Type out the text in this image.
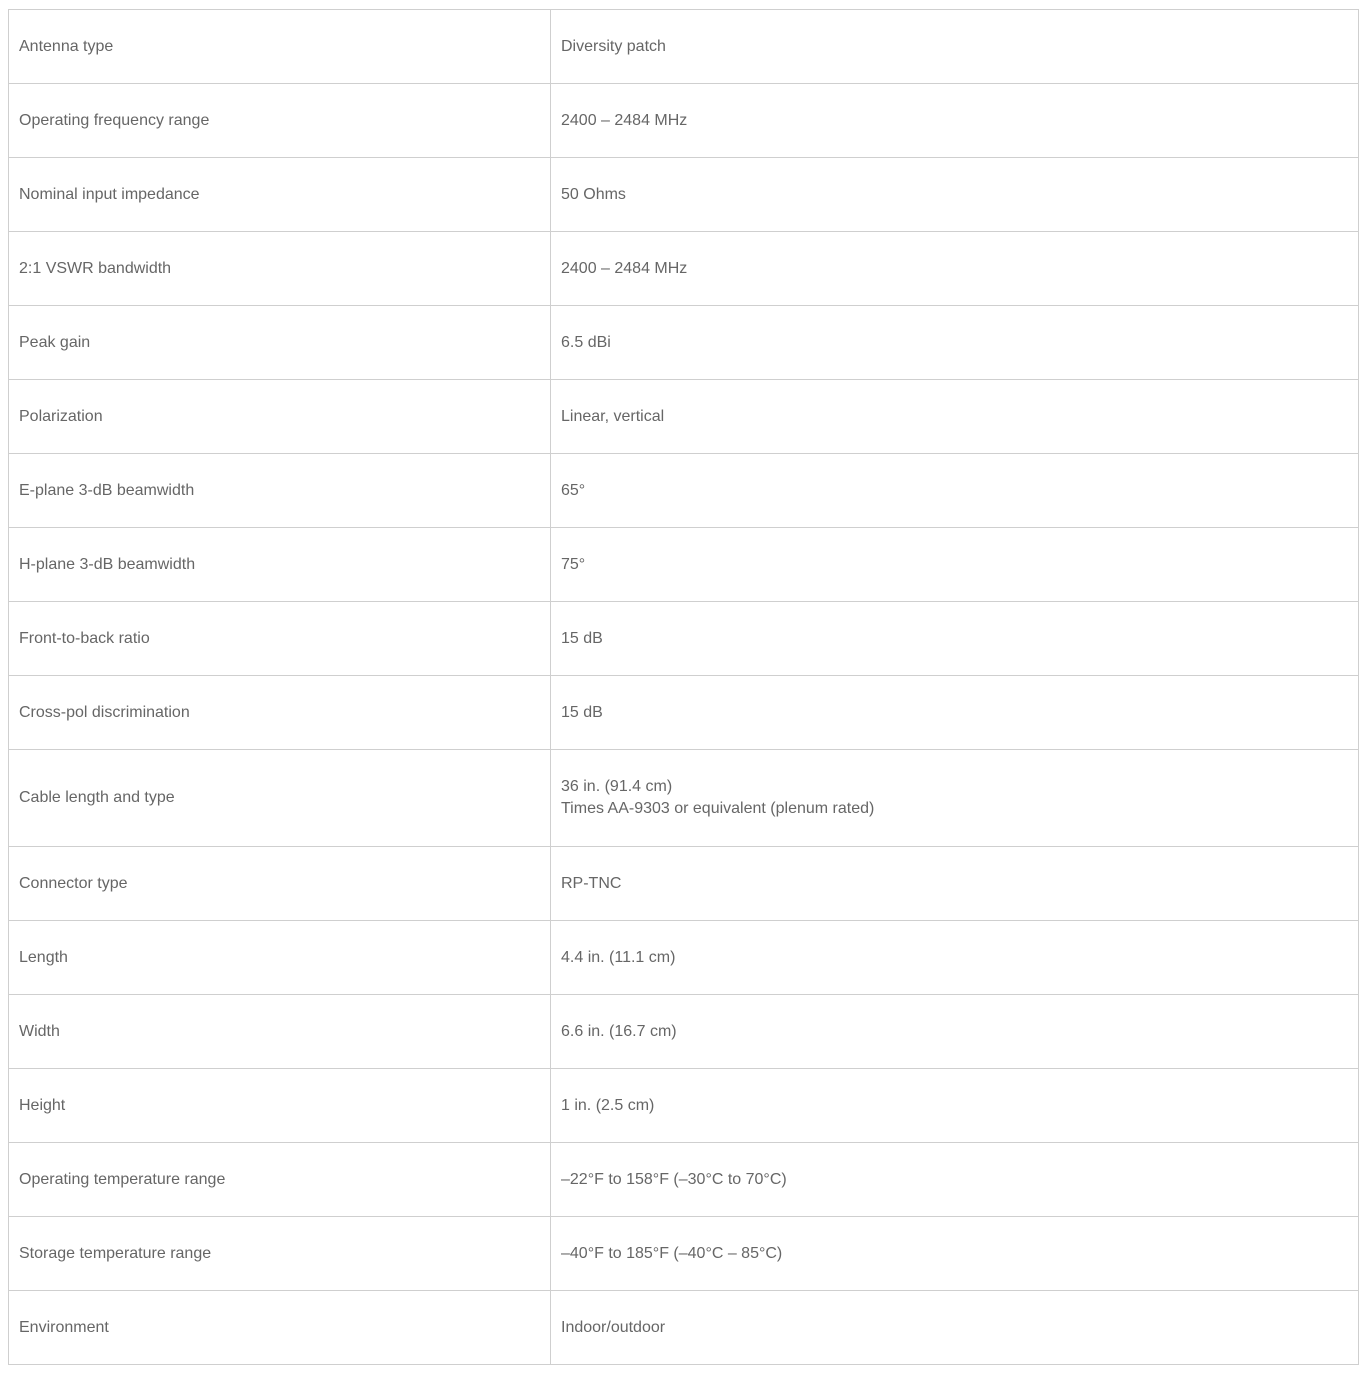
Antenna type	Diversity patch
Operating frequency range	2400 – 2484 MHz
Nominal input impedance	50 Ohms
2:1 VSWR bandwidth	2400 – 2484 MHz
Peak gain	6.5 dBi
Polarization	Linear, vertical
E-plane 3-dB beamwidth	65°
H-plane 3-dB beamwidth	75°
Front-to-back ratio	15 dB
Cross-pol discrimination	15 dB
Cable length and type	36 in. (91.4 cm)
Times AA-9303 or equivalent (plenum rated)

Connector type	RP-TNC
Length	4.4 in. (11.1 cm)
Width	6.6 in. (16.7 cm)
Height	1 in. (2.5 cm)
Operating temperature range	–22°F to 158°F (–30°C to 70°C)
Storage temperature range	–40°F to 185°F (–40°C – 85°C)
Environment	Indoor/outdoor
